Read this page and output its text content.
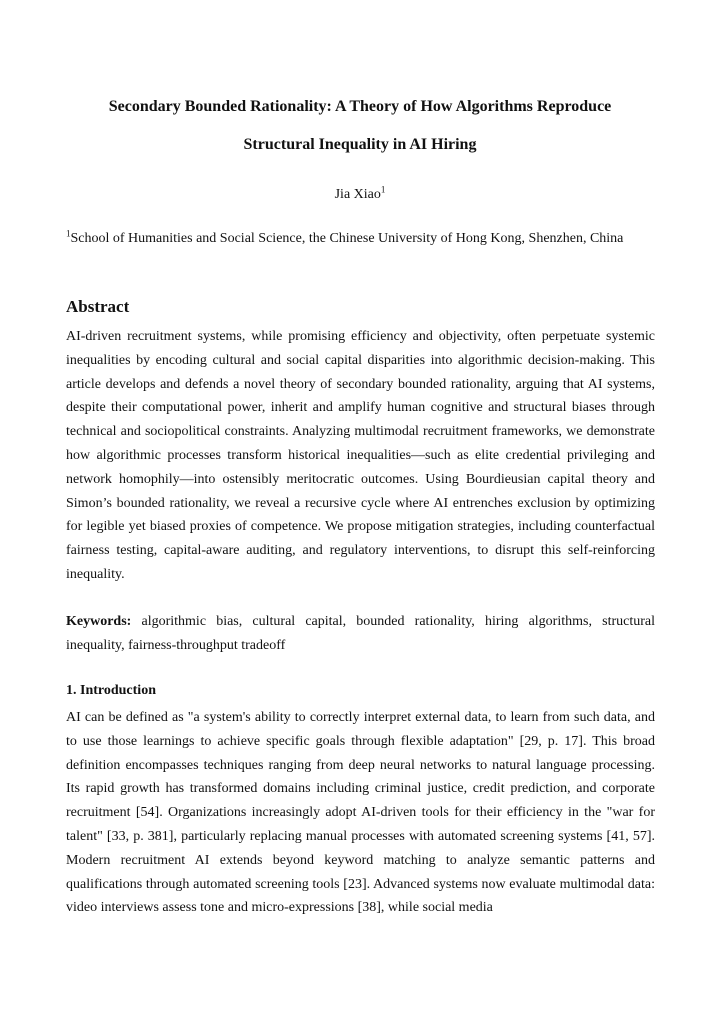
Secondary Bounded Rationality: A Theory of How Algorithms Reproduce
Structural Inequality in AI Hiring

Jia Xiao$^1$

$^1$School of Humanities and Social Science, the Chinese University of Hong Kong, Shenzhen, China

Abstract

AI-driven recruitment systems, while promising efficiency and objectivity, often perpetuate systemic inequalities by encoding cultural and social capital disparities into algorithmic decision-making. This article develops and defends a novel theory of secondary bounded rationality, arguing that AI systems, despite their computational power, inherit and amplify human cognitive and structural biases through technical and sociopolitical constraints. Analyzing multimodal recruitment frameworks, we demonstrate how algorithmic processes transform historical inequalities—such as elite credential privileging and network homophily—into ostensibly meritocratic outcomes. Using Bourdieusian capital theory and Simon’s bounded rationality, we reveal a recursive cycle where AI entrenches exclusion by optimizing for legible yet biased proxies of competence. We propose mitigation strategies, including counterfactual fairness testing, capital-aware auditing, and regulatory interventions, to disrupt this self-reinforcing inequality.

Keywords: algorithmic bias, cultural capital, bounded rationality, hiring algorithms, structural inequality, fairness-throughput tradeoff

1. Introduction

AI can be defined as "a system's ability to correctly interpret external data, to learn from such data, and to use those learnings to achieve specific goals through flexible adaptation" [29, p. 17]. This broad definition encompasses techniques ranging from deep neural networks to natural language processing. Its rapid growth has transformed domains including criminal justice, credit prediction, and corporate recruitment [54]. Organizations increasingly adopt AI-driven tools for their efficiency in the "war for talent" [33, p. 381], particularly replacing manual processes with automated screening systems [41, 57]. Modern recruitment AI extends beyond keyword matching to analyze semantic patterns and qualifications through automated screening tools [23]. Advanced systems now evaluate multimodal data: video interviews assess tone and micro-expressions [38], while social media
